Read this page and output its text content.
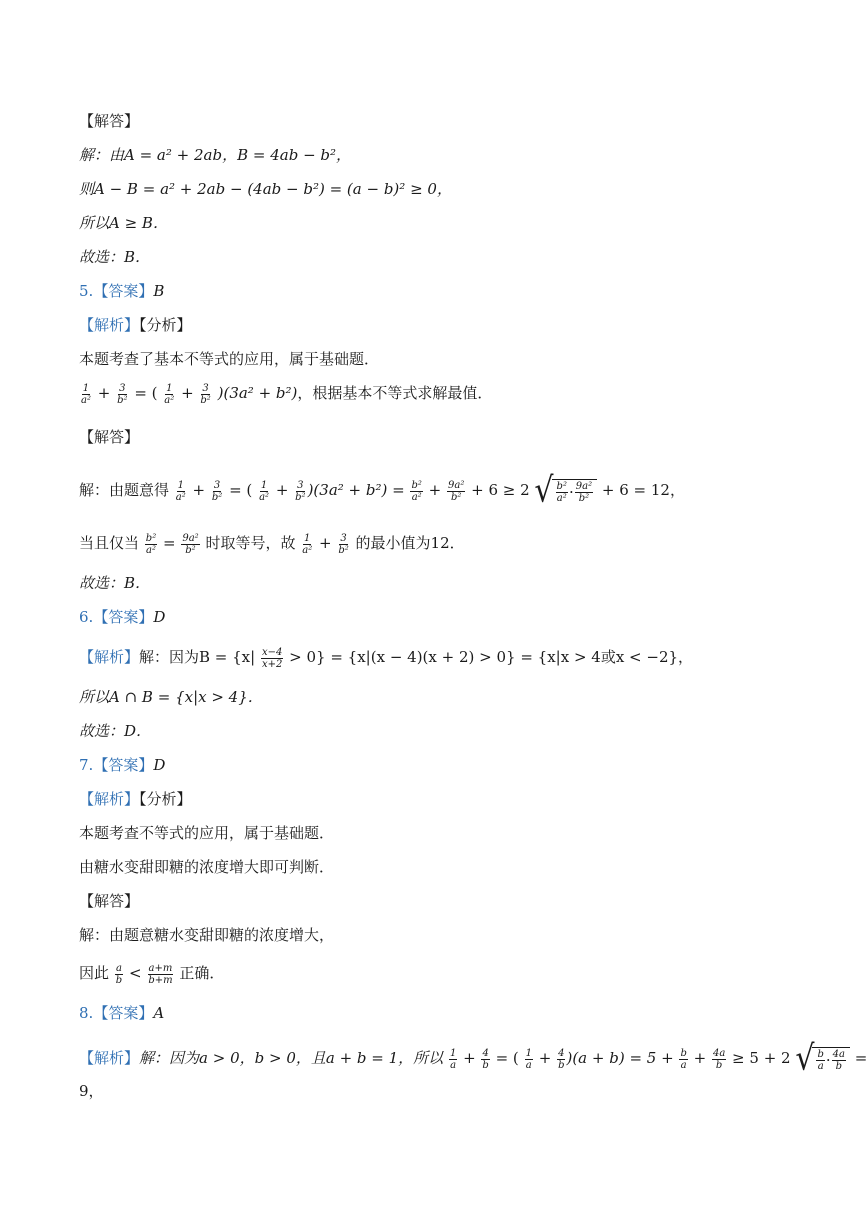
【解答】
解：由A = a² + 2ab，B = 4ab − b²，
则A − B = a² + 2ab − (4ab − b²) = (a − b)² ≥ 0，
所以A ≥ B．
故选：B．
5.【答案】B
【解析】【分析】
本题考查了基本不等式的应用，属于基础题．
$\frac{1}{\text{a²}} + \frac{3}{\text{b²}}$ = ( $\frac{1}{\text{a²}} + \frac{3}{\text{b²}} )(3a^2 + b^2)$，根据基本不等式求解最值．
【解答】
解：由题意得 $\frac{1}{\text{a²}} + \frac{3}{\text{b²}}$ = ( $\frac{1}{\text{a²}} + \frac{3}{\text{b²}} )(3a^2 + b^2) = \frac{\text{b²}}{\text{a²}} + \frac{\text{9a²}}{\text{b²}} + 6 \ge 2$ √ $\frac{\text{b²}}{\text{a²}} \cdot \frac{\text{9a²}}{\text{b²}} + 6 = 12$，
当且仅当 $\frac{\text{b²}}{\text{a²}} = \frac{\text{9a²}}{\text{b²}}$ 时取等号，故 $\frac{1}{\text{a²}} + \frac{3}{\text{b²}}$ 的最小值为12．
故选：B．
6.【答案】D
【解析】解：因为$B = \{x| \frac{x-4}{x+2} > 0\} = \{x|(x - 4)(x + 2) > 0\} = \{x|x > 4$或x < −2}，
所以A ∩ B = {x|x > 4}．
故选：D．
7.【答案】D
【解析】【分析】
本题考查不等式的应用，属于基础题．
由糖水变甜即糖的浓度增大即可判断．
【解答】
解：由题意糖水变甜即糖的浓度增大，
因此 $\frac{a}{b} < \frac{a+m}{b+m}$ 正确．
8.【答案】A
【解析】解：因为a > 0，b > 0，且a + b = 1，所以 $\frac{1}{a} + \frac{4}{b}$ = ( $\frac{1}{a} + \frac{4}{b} )(a + b) = 5 + \frac{b}{a} + \frac{4a}{b} \ge 5 + 2$ √ $\frac{b}{a} \cdot \frac{4a}{b}$ =
9，
